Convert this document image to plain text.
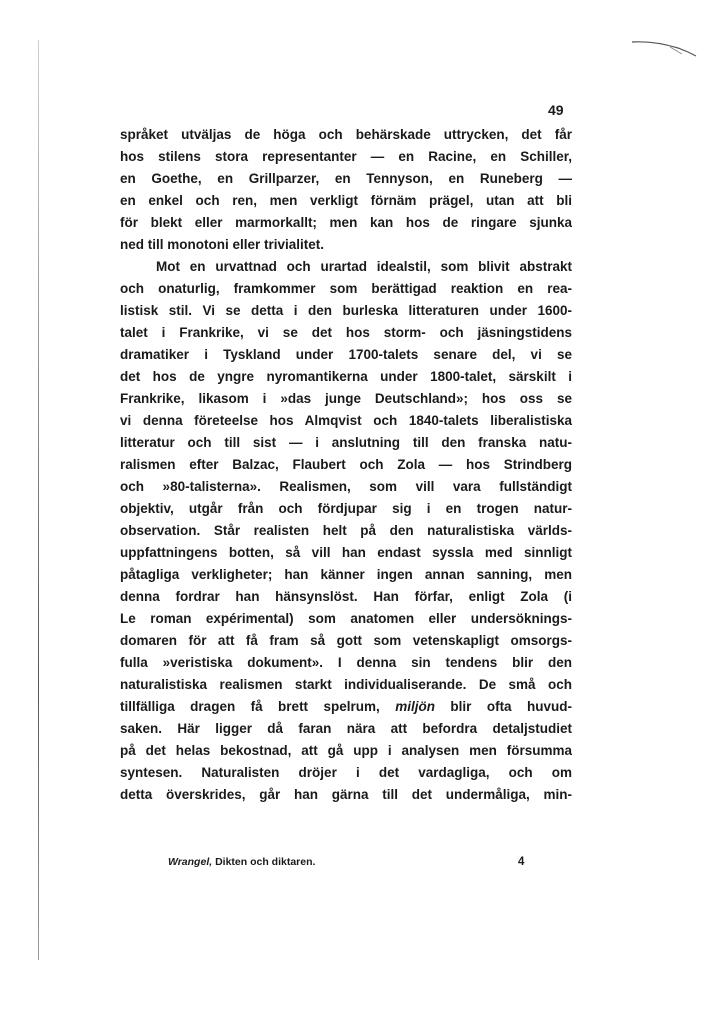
49
språket utväljas de höga och behärskade uttrycken, det får
hos stilens stora representanter — en Racine, en Schiller,
en Goethe, en Grillparzer, en Tennyson, en Runeberg —
en enkel och ren, men verkligt förnäm prägel, utan att bli
för blekt eller marmorkallt; men kan hos de ringare sjunka
ned till monotoni eller trivialitet.
Mot en urvattnad och urartad idealstil, som blivit abstrakt
och onaturlig, framkommer som berättigad reaktion en rea-
listisk stil. Vi se detta i den burleska litteraturen under 1600-
talet i Frankrike, vi se det hos storm- och jäsningstidens
dramatiker i Tyskland under 1700-talets senare del, vi se
det hos de yngre nyromantikerna under 1800-talet, särskilt i
Frankrike, likasom i »das junge Deutschland»; hos oss se
vi denna företeelse hos Almqvist och 1840-talets liberalistiska
litteratur och till sist — i anslutning till den franska natu-
ralismen efter Balzac, Flaubert och Zola — hos Strindberg
och »80-talisterna». Realismen, som vill vara fullständigt
objektiv, utgår från och fördjupar sig i en trogen natur-
observation. Står realisten helt på den naturalistiska världs-
uppfattningens botten, så vill han endast syssla med sinnligt
påtagliga verkligheter; han känner ingen annan sanning, men
denna fordrar han hänsynslöst. Han förfar, enligt Zola (i
Le roman expérimental) som anatomen eller undersöknings-
domaren för att få fram så gott som vetenskapligt omsorgs-
fulla »veristiska dokument». I denna sin tendens blir den
naturalistiska realismen starkt individualiserande. De små och
tillfälliga dragen få brett spelrum, miljön blir ofta huvud-
saken. Här ligger då faran nära att befordra detaljstudiet
på det helas bekostnad, att gå upp i analysen men försumma
syntesen. Naturalisten dröjer i det vardagliga, och om
detta överskrides, går han gärna till det undermåliga, min-
Wrangel, Dikten och diktaren.	4
